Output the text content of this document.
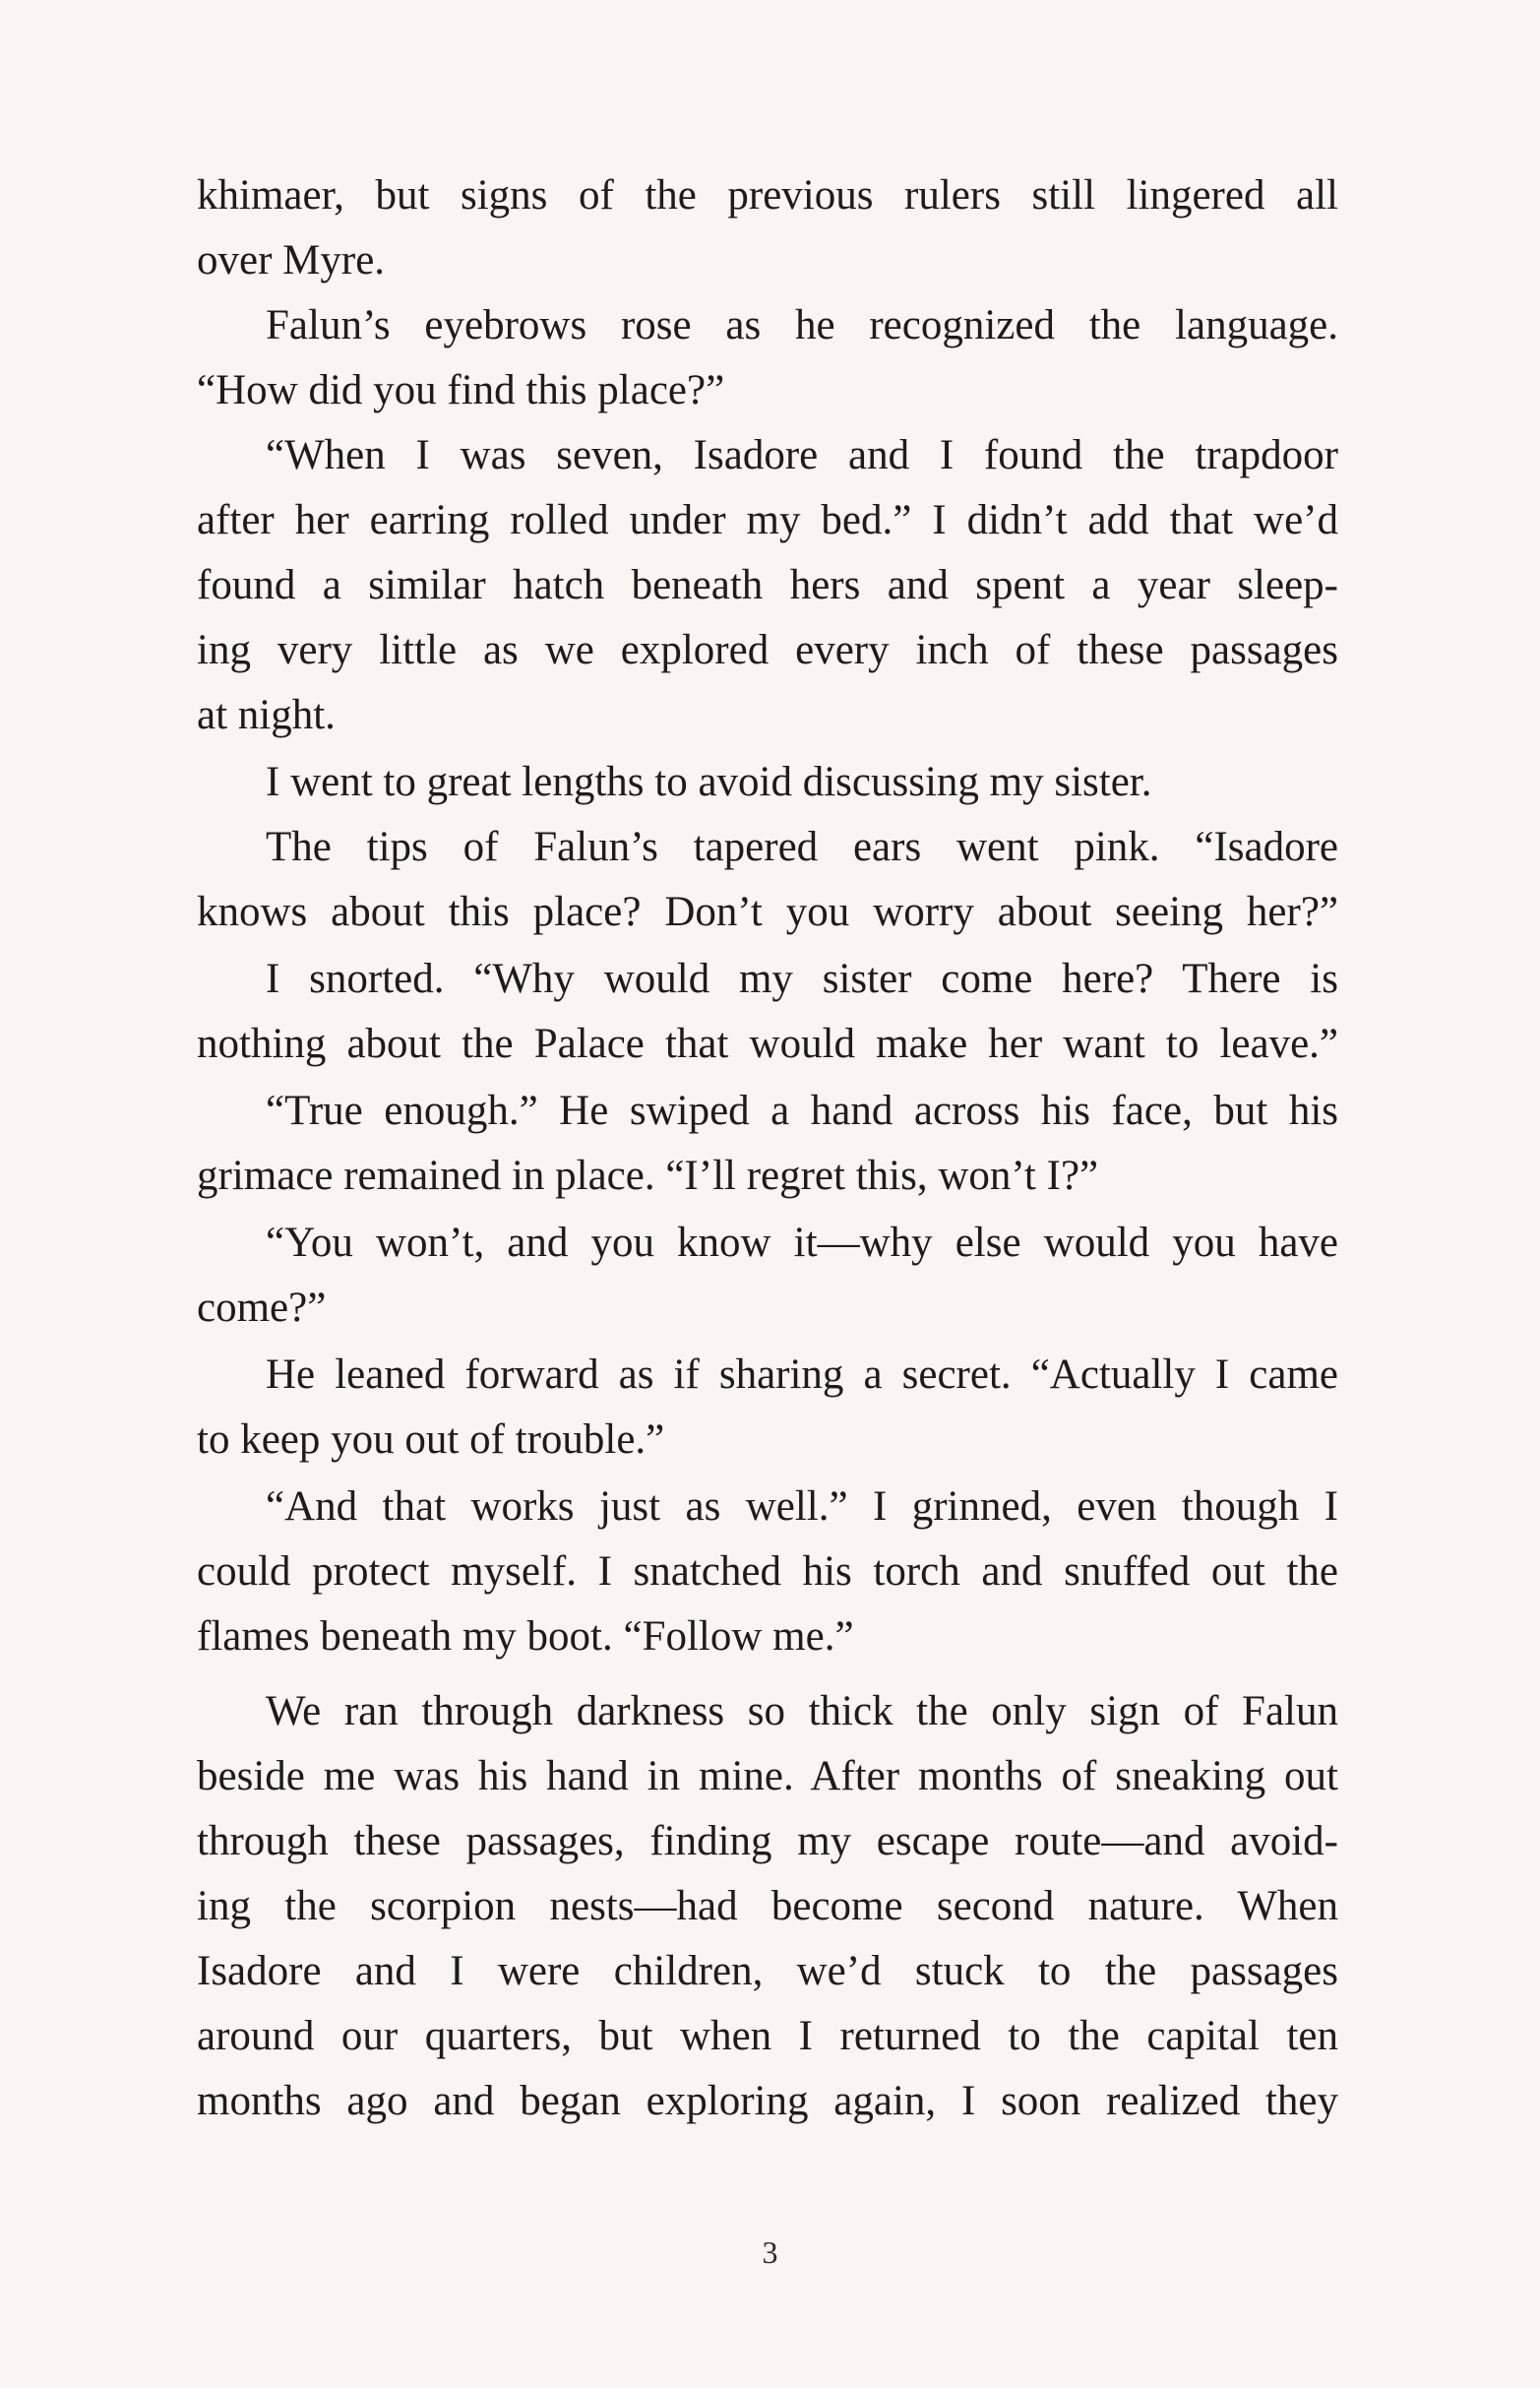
khimaer, but signs of the previous rulers still lingered all
over Myre.
Falun’s eyebrows rose as he recognized the language.
“How did you find this place?”
“When I was seven, Isadore and I found the trapdoor
after her earring rolled under my bed.” I didn’t add that we’d
found a similar hatch beneath hers and spent a year sleep-
ing very little as we explored every inch of these passages
at night.
I went to great lengths to avoid discussing my sister.
The tips of Falun’s tapered ears went pink. “Isadore
knows about this place? Don’t you worry about seeing her?”
I snorted. “Why would my sister come here? There is
nothing about the Palace that would make her want to leave.”
“True enough.” He swiped a hand across his face, but his
grimace remained in place. “I’ll regret this, won’t I?”
“You won’t, and you know it—why else would you have
come?”
He leaned forward as if sharing a secret. “Actually I came
to keep you out of trouble.”
“And that works just as well.” I grinned, even though I
could protect myself. I snatched his torch and snuffed out the
flames beneath my boot. “Follow me.”
We ran through darkness so thick the only sign of Falun
beside me was his hand in mine. After months of sneaking out
through these passages, finding my escape route—and avoid-
ing the scorpion nests—had become second nature. When
Isadore and I were children, we’d stuck to the passages
around our quarters, but when I returned to the capital ten
months ago and began exploring again, I soon realized they
3
